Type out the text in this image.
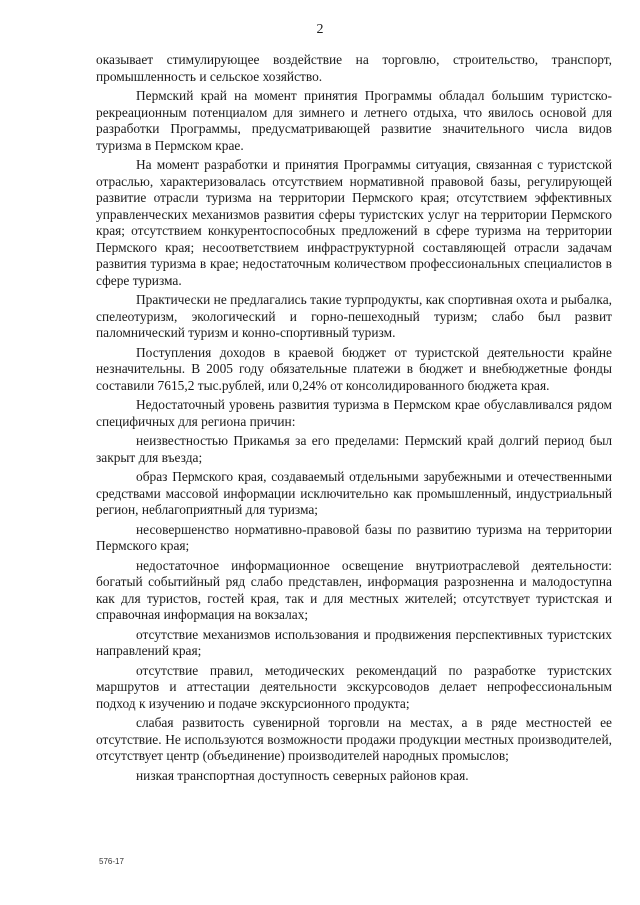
2

оказывает стимулирующее воздействие на торговлю, строительство, транспорт, промышленность и сельское хозяйство.

Пермский край на момент принятия Программы обладал большим туристско-рекреационным потенциалом для зимнего и летнего отдыха, что явилось основой для разработки Программы, предусматривающей развитие значительного числа видов туризма в Пермском крае.

На момент разработки и принятия Программы ситуация, связанная с туристской отраслью, характеризовалась отсутствием нормативной правовой базы, регулирующей развитие отрасли туризма на территории Пермского края; отсутствием эффективных управленческих механизмов развития сферы туристских услуг на территории Пермского края; отсутствием конкурентоспособных предложений в сфере туризма на территории Пермского края; несоответствием инфраструктурной составляющей отрасли задачам развития туризма в крае; недостаточным количеством профессиональных специалистов в сфере туризма.

Практически не предлагались такие турпродукты, как спортивная охота и рыбалка, спелеотуризм, экологический и горно-пешеходный туризм; слабо был развит паломнический туризм и конно-спортивный туризм.

Поступления доходов в краевой бюджет от туристской деятельности крайне незначительны. В 2005 году обязательные платежи в бюджет и внебюджетные фонды составили 7615,2 тыс.рублей, или 0,24% от консолидированного бюджета края.

Недостаточный уровень развития туризма в Пермском крае обуславливался рядом специфичных для региона причин:

неизвестностью Прикамья за его пределами: Пермский край долгий период был закрыт для въезда;

образ Пермского края, создаваемый отдельными зарубежными и отечественными средствами массовой информации исключительно как промышленный, индустриальный регион, неблагоприятный для туризма;

несовершенство нормативно-правовой базы по развитию туризма на территории Пермского края;

недостаточное информационное освещение внутриотраслевой деятельности: богатый событийный ряд слабо представлен, информация разрозненна и малодоступна как для туристов, гостей края, так и для местных жителей; отсутствует туристская и справочная информация на вокзалах;

отсутствие механизмов использования и продвижения перспективных туристских направлений края;

отсутствие правил, методических рекомендаций по разработке туристских маршрутов и аттестации деятельности экскурсоводов делает непрофессиональным подход к изучению и подаче экскурсионного продукта;

слабая развитость сувенирной торговли на местах, а в ряде местностей ее отсутствие. Не используются возможности продажи продукции местных производителей, отсутствует центр (объединение) производителей народных промыслов;

низкая транспортная доступность северных районов края.

576-17
